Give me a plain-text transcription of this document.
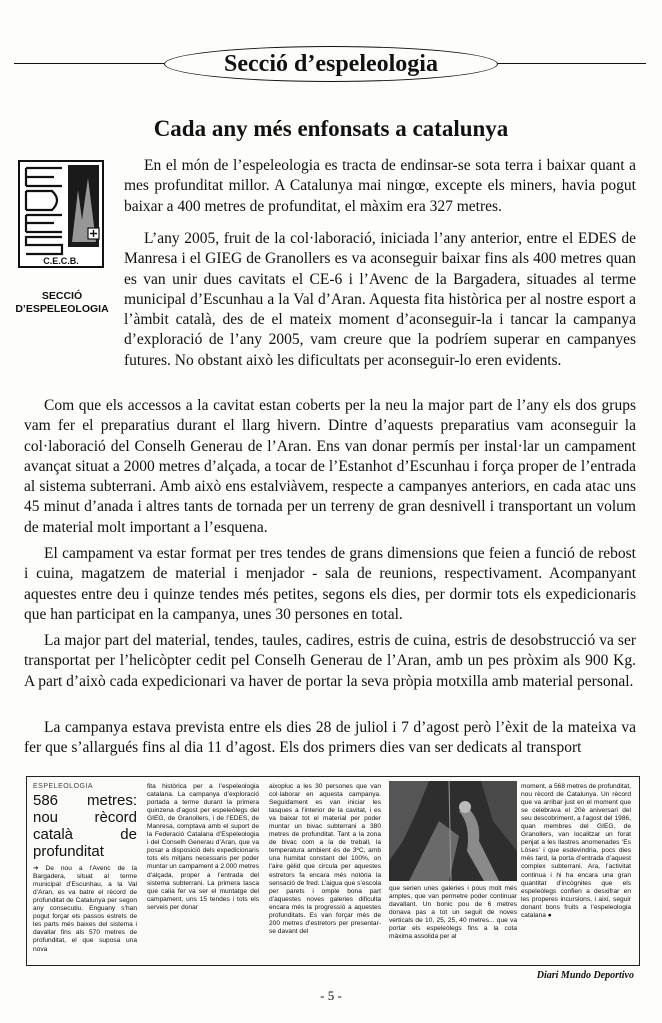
Secció d’espeleologia
Cada any més enfonsats a catalunya
C.E.C.B.

SECCIÓ
D’ESPELEOLOGIA

En el món de l’espeleologia es tracta de endinsar-se sota terra i baixar quant a mes profunditat millor. A Catalunya mai ningœ, excepte els miners, havia pogut baixar a 400 metres de profunditat, el màxim era 327 metres.

L’any 2005, fruit de la col·laboració, iniciada l’any anterior, entre el EDES de Manresa i el GIEG de Granollers es va aconseguir baixar fins als 400 metres quan es van unir dues cavitats el CE-6 i l’Avenc de la Bargadera, situades al terme municipal d’Escunhau a la Val d’Aran. Aquesta fita històrica per al nostre esport a l’àmbit català, des de el mateix moment d’aconseguir-la i tancar la campanya d’exploració de l’any 2005, vam creure que la podríem superar en campanyes futures. No obstant això les dificultats per aconseguir-lo eren evidents.

Com que els accessos a la cavitat estan coberts per la neu la major part de l’any els dos grups vam fer el preparatius durant el llarg hivern. Dintre d’aquests preparatius vam aconseguir la col·laboració del Conselh Generau de l’Aran. Ens van donar permís per instal·lar un campament avançat situat a 2000 metres d’alçada, a tocar de l’Estanhot d’Escunhau i força proper de l’entrada al sistema subterrani. Amb això ens estalviàvem, respecte a campanyes anteriors, en cada atac uns 45 minut d’anada i altres tants de tornada per un terreny de gran desnivell i transportant un volum de material molt important a l’esquena.

El campament va estar format per tres tendes de grans dimensions que feien a funció de rebost i cuina, magatzem de material i menjador - sala de reunions, respectivament. Acompanyant aquestes entre deu i quinze tendes més petites, segons els dies, per dormir tots els expedicionaris que han participat en la campanya, unes 30 persones en total.

La major part del material, tendes, taules, cadires, estris de cuina, estris de desobstrucció va ser transportat per l’helicòpter cedit pel Conselh Generau de l’Aran, amb un pes pròxim als 900 Kg. A part d’això cada expedicionari va haver de portar la seva pròpia motxilla amb material personal.

La campanya estava prevista entre els dies 28 de juliol i 7 d’agost però l’èxit de la mateixa va fer que s’allargués fins al dia 11 d’agost. Els dos primers dies van ser dedicats al transport

ESPELEOLOGIA

586 metres: nou rècord català de profunditat

➔ De nou a l’Avenc de la Bargadera, situat al terme municipal d’Escunhau, a la Val d’Aran, es va batre el rècord de profunditat de Catalunya per segon any consecutiu. Enguany s’han pogut forçar els passos estrets de les parts més baixes del sistema i davallar fins als 570 metres de profunditat, el que suposa una nova

fita històrica per a l’espeleologia catalana. La campanya d’exploració portada a terme durant la primera quinzena d’agost per espeleòlegs del GIEG, de Granollers, i de l’EDES, de Manresa, comptava amb el suport de la Federació Catalana d’Espeleologia i del Conselh Generau d’Aran, que va posar a disposició dels expedicionaris tots els mitjans necessaris per poder muntar un campament a 2.000 metres d’alçada, proper a l’entrada del sistema subterrani. La primera tasca que calia fer va ser el muntatge del campament, uns 15 tendes i tots els serveis per donar

aixopluc a les 30 persones que van col·laborar en aquesta campanya. Seguidament es van iniciar les tasques a l’interior de la cavitat, i es va baixar tot el material per poder muntar un bivac subterrani a 380 metres de profunditat. Tant a la zona de bivac com a la de treball, la temperatura ambient és de 3ºC, amb una humitat constant del 100%, on l’aire gèlid que circula per aquestes estretors fa encara més notòria la sensació de fred. L’aigua que s’escola per parets i omple bona part d’aquestes noves galeries dificulta encara més la progressió a aquestes profunditats. Es van forçar més de 200 metres d’estretors per presentar-se davant del

que serien unes galeries i pous molt més amples, que van permetre poder continuar davallant. Un bonic pou de 6 metres donava pas a tot un seguit de noves verticals de 10, 25, 25, 40 metres... que va portar els espeleòlegs fins a la cota màxima assolida per al

moment, a 568 metres de profunditat, nou rècord de Catalunya. Un rècord que va arribar just en el moment que se celebrava el 20è aniversari del seu descobriment, a l’agost del 1986, quan membres del GIEG, de Granollers, van localitzar un forat penjat a les llastres anomenades ‘Es Lòses’ i que esdevindria, pocs dies més tard, la porta d’entrada d’aquest complex subterrani. Ara, l’activitat continua i hi ha encara una gran quantitat d’incògnites que els espeleòlegs confien a desxifrar en les properes incursions, i així, seguir donant bons fruits a l’espeleologia catalana ●

Diari Mundo Deportivo

- 5 -
